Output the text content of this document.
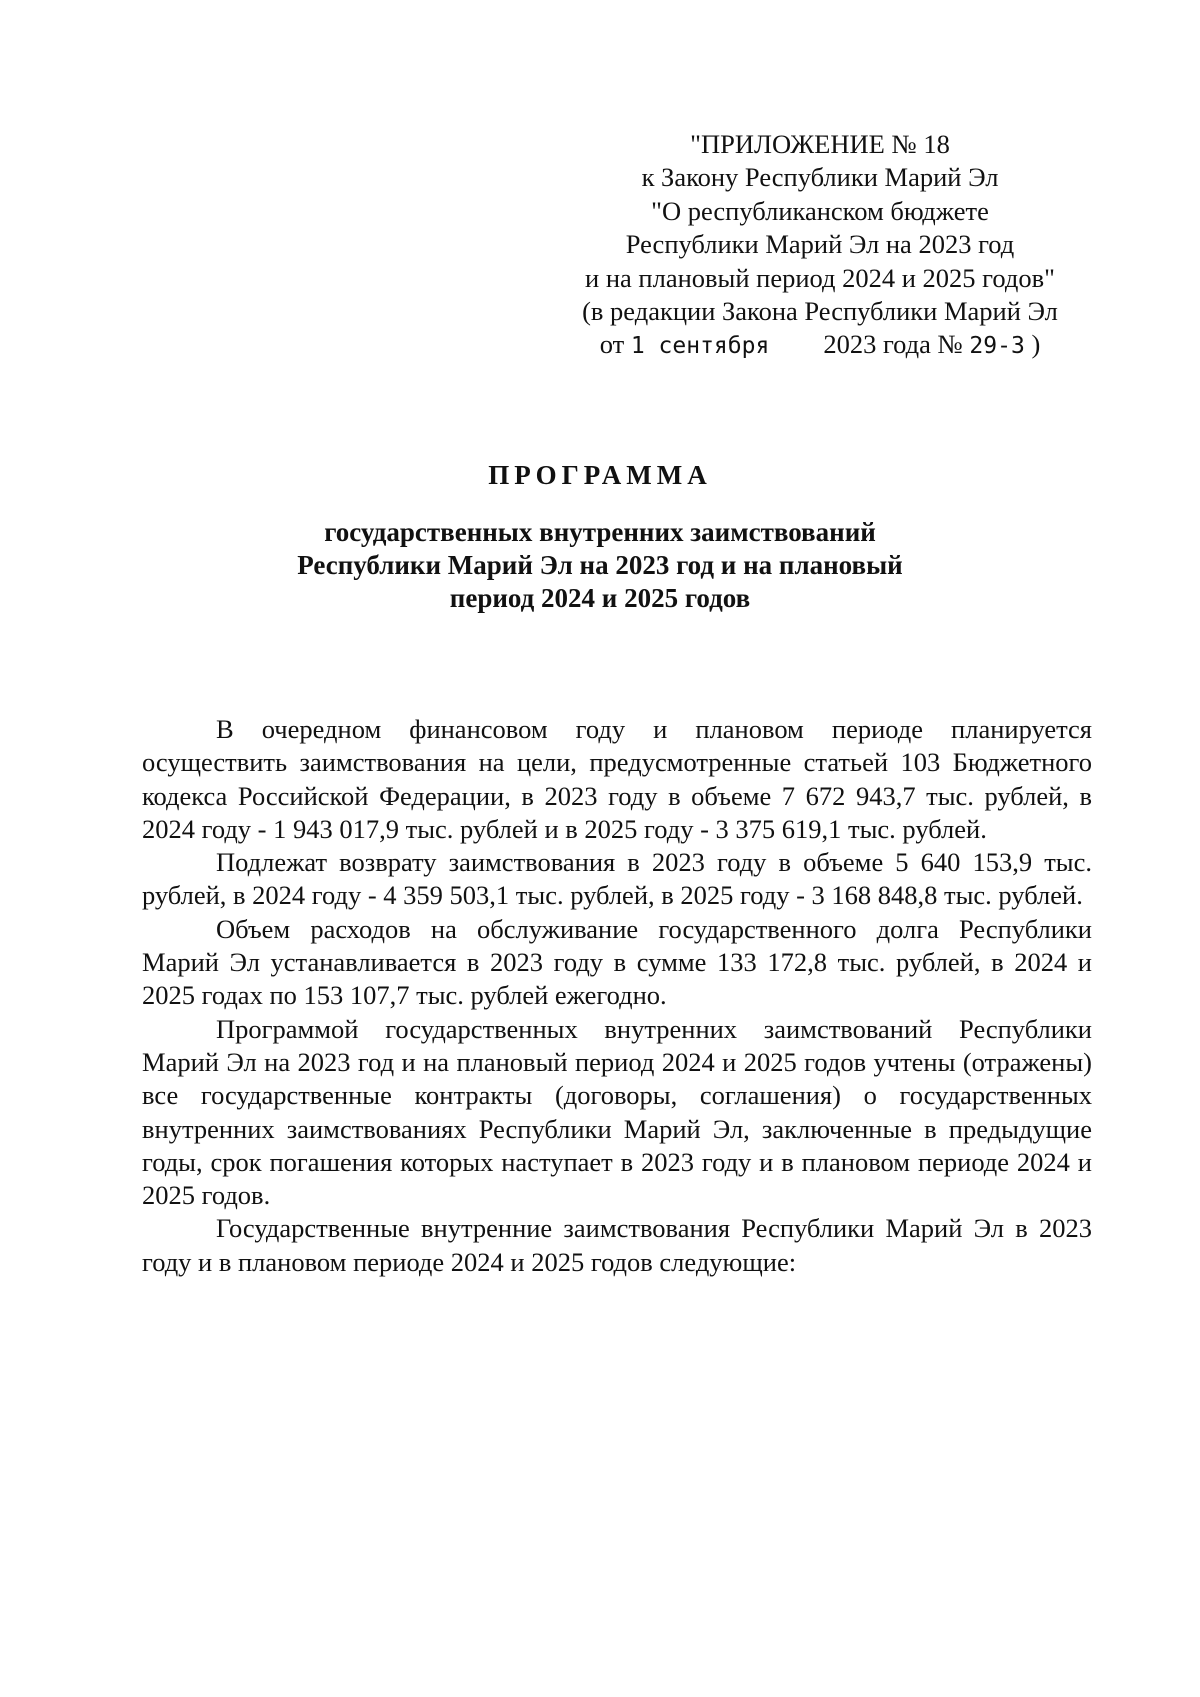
"ПРИЛОЖЕНИЕ № 18
к Закону Республики Марий Эл
"О республиканском бюджете
Республики Марий Эл на 2023 год
и на плановый период 2024 и 2025 годов"
(в редакции Закона Республики Марий Эл
от 1 сентября 2023 года № 29-З )
ПРОГРАММА
государственных внутренних заимствований
Республики Марий Эл на 2023 год и на плановый
период 2024 и 2025 годов

В очередном финансовом году и плановом периоде планируется осуществить заимствования на цели, предусмотренные статьей 103 Бюджетного кодекса Российской Федерации, в 2023 году в объеме 7 672 943,7 тыс. рублей, в 2024 году - 1 943 017,9 тыс. рублей и в 2025 году - 3 375 619,1 тыс. рублей.

Подлежат возврату заимствования в 2023 году в объеме 5 640 153,9 тыс. рублей, в 2024 году - 4 359 503,1 тыс. рублей, в 2025 году - 3 168 848,8 тыс. рублей.

Объем расходов на обслуживание государственного долга Республики Марий Эл устанавливается в 2023 году в сумме 133 172,8 тыс. рублей, в 2024 и 2025 годах по 153 107,7 тыс. рублей ежегодно.

Программой государственных внутренних заимствований Республики Марий Эл на 2023 год и на плановый период 2024 и 2025 годов учтены (отражены) все государственные контракты (договоры, соглашения) о государственных внутренних заимствованиях Республики Марий Эл, заключенные в предыдущие годы, срок погашения которых наступает в 2023 году и в плановом периоде 2024 и 2025 годов.

Государственные внутренние заимствования Республики Марий Эл в 2023 году и в плановом периоде 2024 и 2025 годов следующие:
